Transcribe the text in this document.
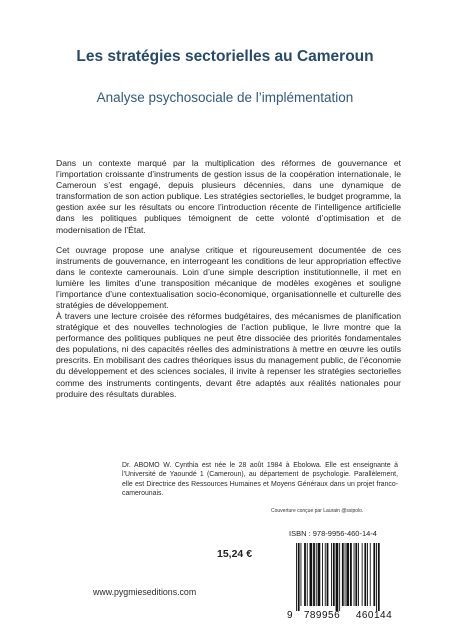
Les stratégies sectorielles au Cameroun
Analyse psychosociale de l’implémentation

Dans un contexte marqué par la multiplication des réformes de gouvernance et l’importation croissante d’instruments de gestion issus de la coopération internationale, le Cameroun s’est engagé, depuis plusieurs décennies, dans une dynamique de transformation de son action publique. Les stratégies sectorielles, le budget programme, la gestion axée sur les résultats ou encore l’introduction récente de l’intelligence artificielle dans les politiques publiques témoignent de cette volonté d’optimisation et de modernisation de l’État.

Cet ouvrage propose une analyse critique et rigoureusement documentée de ces instruments de gouvernance, en interrogeant les conditions de leur appropriation effective dans le contexte camerounais. Loin d’une simple description institutionnelle, il met en lumière les limites d’une transposition mécanique de modèles exogènes et souligne l’importance d’une contextualisation socio-économique, organisationnelle et culturelle des stratégies de développement.

À travers une lecture croisée des réformes budgétaires, des mécanismes de planification stratégique et des nouvelles technologies de l’action publique, le livre montre que la performance des politiques publiques ne peut être dissociée des priorités fondamentales des populations, ni des capacités réelles des administrations à mettre en œuvre les outils prescrits. En mobilisant des cadres théoriques issus du management public, de l’économie du développement et des sciences sociales, il invite à repenser les stratégies sectorielles comme des instruments contingents, devant être adaptés aux réalités nationales pour produire des résultats durables.

Dr. ABOMO W. Cynthia est née le 28 août 1984 à Ebolowa. Elle est enseignante à l’Université de Yaoundé 1 (Cameroun), au département de psychologie. Parallèlement, elle est Directrice des Ressources Humaines et Moyens Généraux dans un projet franco-camerounais.

Couverture conçue par Laurain @ssipolo.
ISBN : 978-9956-460-14-4
15,24 €
www.pygmieseditions.com
9 789956 460144
